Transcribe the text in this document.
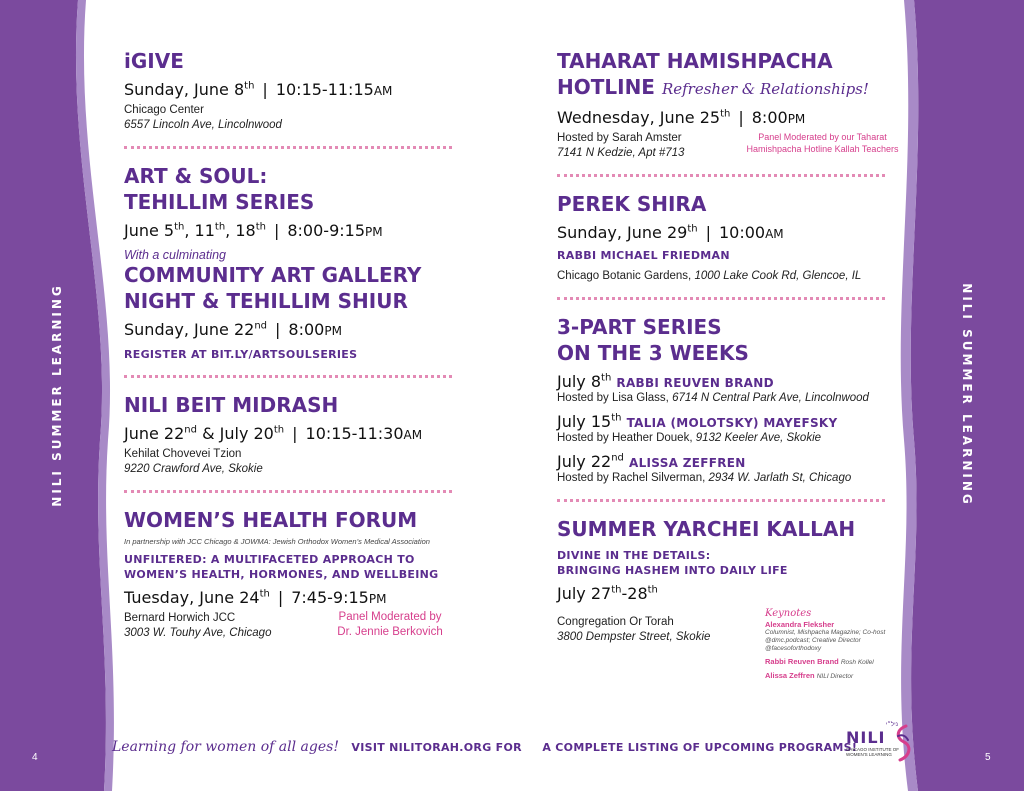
NILI SUMMER LEARNING	NILI SUMMER LEARNING
4	5

iGIVE

Sunday, June 8th | 10:15-11:15AM

Chicago Center

6557 Lincoln Ave, Lincolnwood

ART & SOUL:

TEHILLIM SERIES

June 5th, 11th, 18th | 8:00-9:15PM

With a culminating

COMMUNITY ART GALLERY

NIGHT & TEHILLIM SHIUR

Sunday, June 22nd | 8:00PM

REGISTER AT BIT.LY/ARTSOULSERIES

NILI BEIT MIDRASH

June 22nd & July 20th | 10:15-11:30AM

Kehilat Chovevei Tzion

9220 Crawford Ave, Skokie

WOMEN’S HEALTH FORUM

In partnership with JCC Chicago & JOWMA: Jewish Orthodox Women’s Medical Association

UNFILTERED: A MULTIFACETED APPROACH TO

WOMEN’S HEALTH, HORMONES, AND WELLBEING

Tuesday, June 24th | 7:45-9:15PM

Bernard Horwich JCC

3003 W. Touhy Ave, Chicago

Panel Moderated by

Dr. Jennie Berkovich

TAHARAT HAMISHPACHA

HOTLINE Refresher & Relationships!

Wednesday, June 25th | 8:00PM

Hosted by Sarah Amster

7141 N Kedzie, Apt #713

Panel Moderated by our Taharat

Hamishpacha Hotline Kallah Teachers

PEREK SHIRA

Sunday, June 29th | 10:00AM

RABBI MICHAEL FRIEDMAN

Chicago Botanic Gardens, 1000 Lake Cook Rd, Glencoe, IL

3-PART SERIES

ON THE 3 WEEKS

July 8th RABBI REUVEN BRAND

Hosted by Lisa Glass, 6714 N Central Park Ave, Lincolnwood

July 15th TALIA (MOLOTSKY) MAYEFSKY

Hosted by Heather Douek, 9132 Keeler Ave, Skokie

July 22nd ALISSA ZEFFREN

Hosted by Rachel Silverman, 2934 W. Jarlath St, Chicago

SUMMER YARCHEI KALLAH

DIVINE IN THE DETAILS:

BRINGING HASHEM INTO DAILY LIFE

July 27th-28th

Congregation Or Torah

3800 Dempster Street, Skokie

Keynotes

Alexandra Fleksher

Columnist, Mishpacha Magazine; Co-host @dmc.podcast; Creative Director @facesoforthodoxy

Rabbi Reuven Brand Rosh Kollel

Alissa Zeffren NILI Director

Learning for women of all ages! VISIT NILITORAH.ORG FOR A COMPLETE LISTING OF UPCOMING PROGRAMS!
ניל״י
NILI
CHICAGO INSTITUTE OF
WOMEN'S LEARNING
